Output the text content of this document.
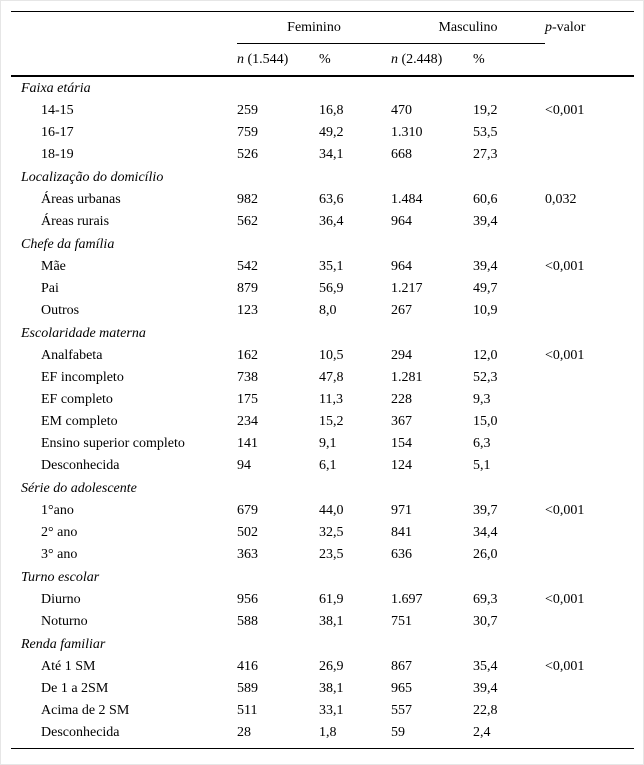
	Feminino		Masculino		p-valor
	n (1.544)	%	n (2.448)	%	
Faixa etária					
14-15	259	16,8	470	19,2	<0,001
16-17	759	49,2	1.310	53,5	
18-19	526	34,1	668	27,3	
Localização do domicílio					
Áreas urbanas	982	63,6	1.484	60,6	0,032
Áreas rurais	562	36,4	964	39,4	
Chefe da família					
Mãe	542	35,1	964	39,4	<0,001
Pai	879	56,9	1.217	49,7	
Outros	123	8,0	267	10,9	
Escolaridade materna					
Analfabeta	162	10,5	294	12,0	<0,001
EF incompleto	738	47,8	1.281	52,3	
EF completo	175	11,3	228	9,3	
EM completo	234	15,2	367	15,0	
Ensino superior completo	141	9,1	154	6,3	
Desconhecida	94	6,1	124	5,1	
Série do adolescente					
1°ano	679	44,0	971	39,7	<0,001
2° ano	502	32,5	841	34,4	
3° ano	363	23,5	636	26,0	
Turno escolar					
Diurno	956	61,9	1.697	69,3	<0,001
Noturno	588	38,1	751	30,7	
Renda familiar					
Até 1 SM	416	26,9	867	35,4	<0,001
De 1 a 2SM	589	38,1	965	39,4	
Acima de 2 SM	511	33,1	557	22,8	
Desconhecida	28	1,8	59	2,4	
